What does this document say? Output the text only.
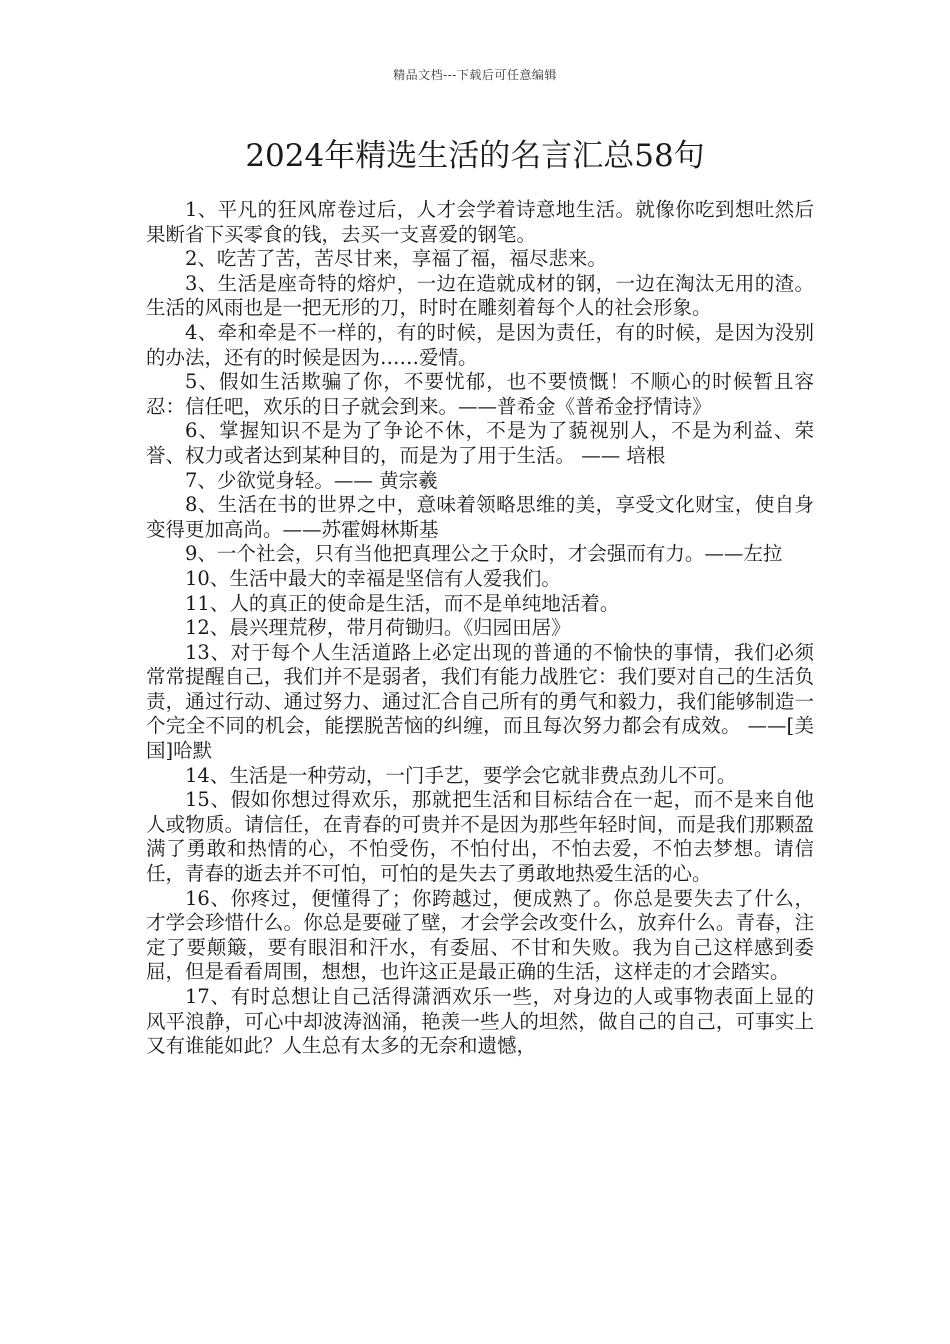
精品文档---下载后可任意编辑
2024年精选生活的名言汇总58句

1、平凡的狂风席卷过后，人才会学着诗意地生活。就像你吃到想吐然后果断省下买零食的钱，去买一支喜爱的钢笔。

2、吃苦了苦，苦尽甘来，享福了福，福尽悲来。

3、生活是座奇特的熔炉，一边在造就成材的钢，一边在淘汰无用的渣。生活的风雨也是一把无形的刀，时时在雕刻着每个人的社会形象。

4、牵和牵是不一样的，有的时候，是因为责任，有的时候，是因为没别的办法，还有的时候是因为……爱情。

5、假如生活欺骗了你，不要忧郁，也不要愤慨！不顺心的时候暂且容忍：信任吧，欢乐的日子就会到来。——普希金《普希金抒情诗》

6、掌握知识不是为了争论不休，不是为了藐视别人，不是为利益、荣誉、权力或者达到某种目的，而是为了用于生活。 —— 培根

7、少欲觉身轻。—— 黄宗羲

8、生活在书的世界之中，意味着领略思维的美，享受文化财宝，使自身变得更加高尚。——苏霍姆林斯基

9、一个社会，只有当他把真理公之于众时，才会强而有力。——左拉

10、生活中最大的幸福是坚信有人爱我们。

11、人的真正的使命是生活，而不是单纯地活着。

12、晨兴理荒秽，带月荷锄归。《归园田居》

13、对于每个人生活道路上必定出现的普通的不愉快的事情，我们必须常常提醒自己，我们并不是弱者，我们有能力战胜它：我们要对自己的生活负责，通过行动、通过努力、通过汇合自己所有的勇气和毅力，我们能够制造一个完全不同的机会，能摆脱苦恼的纠缠，而且每次努力都会有成效。 ——[美国]哈默

14、生活是一种劳动，一门手艺，要学会它就非费点劲儿不可。

15、假如你想过得欢乐，那就把生活和目标结合在一起，而不是来自他人或物质。请信任，在青春的可贵并不是因为那些年轻时间，而是我们那颗盈满了勇敢和热情的心，不怕受伤，不怕付出，不怕去爱，不怕去梦想。请信任，青春的逝去并不可怕，可怕的是失去了勇敢地热爱生活的心。

16、你疼过，便懂得了；你跨越过，便成熟了。你总是要失去了什么，才学会珍惜什么。你总是要碰了壁，才会学会改变什么，放弃什么。青春，注定了要颠簸，要有眼泪和汗水，有委屈、不甘和失败。我为自己这样感到委屈，但是看看周围，想想，也许这正是最正确的生活，这样走的才会踏实。

17、有时总想让自己活得潇洒欢乐一些，对身边的人或事物表面上显的风平浪静，可心中却波涛汹涌，艳羡一些人的坦然，做自己的自己，可事实上又有谁能如此？人生总有太多的无奈和遗憾，
